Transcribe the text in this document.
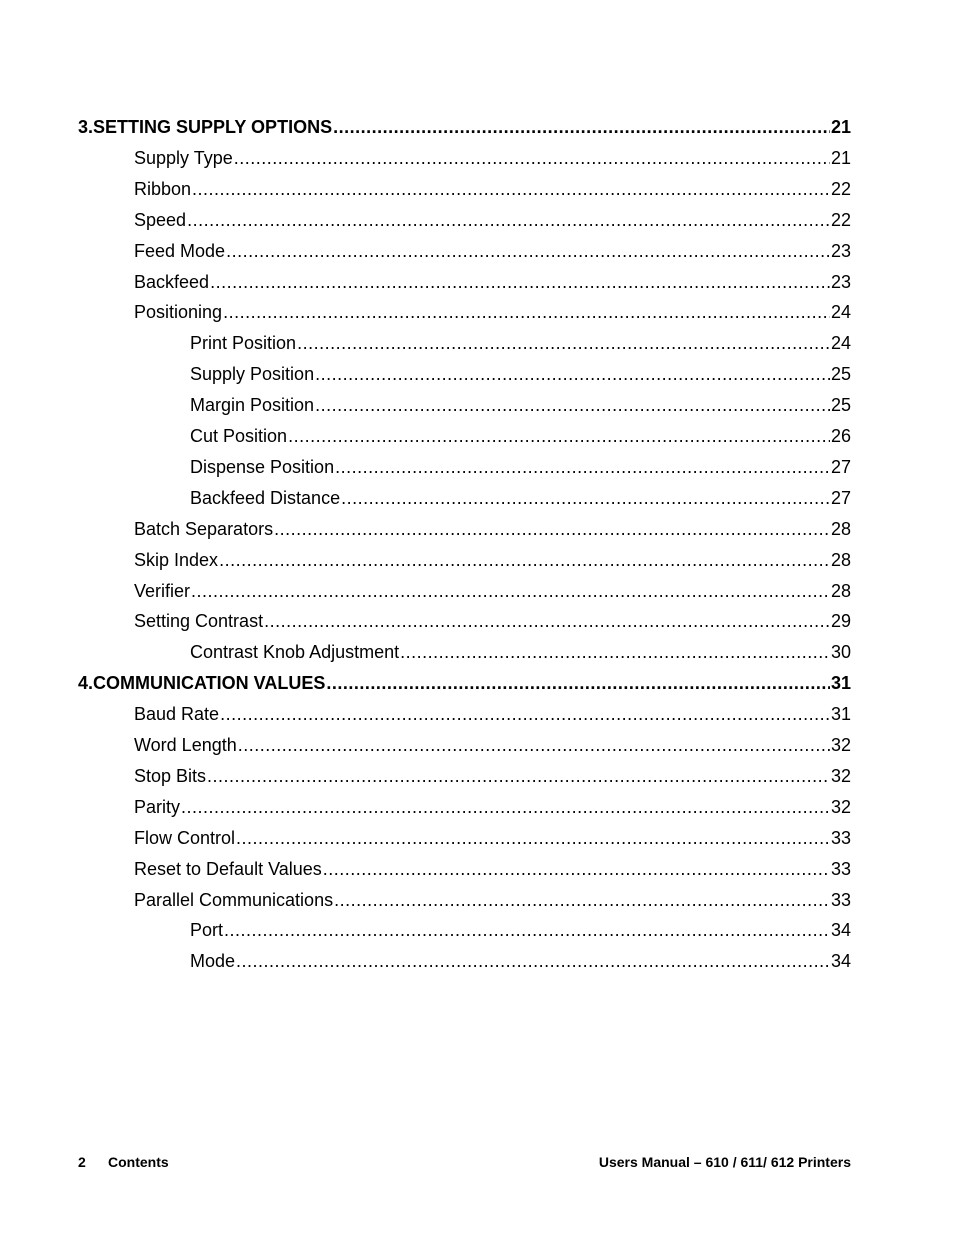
3. SETTING SUPPLY OPTIONS .....	21
Supply Type .....	21
Ribbon .....	22
Speed .....	22
Feed Mode .....	23
Backfeed .....	23
Positioning .....	24
Print Position .....	24
Supply Position .....	25
Margin Position .....	25
Cut Position .....	26
Dispense Position .....	27
Backfeed Distance .....	27
Batch Separators .....	28
Skip Index .....	28
Verifier .....	28
Setting Contrast .....	29
Contrast Knob Adjustment .....	30
4. COMMUNICATION VALUES .....	31
Baud Rate .....	31
Word Length .....	32
Stop Bits .....	32
Parity .....	32
Flow Control .....	33
Reset to Default Values .....	33
Parallel Communications .....	33
Port .....	34
Mode .....	34
2 Contents	Users Manual – 610 / 611/ 612 Printers
